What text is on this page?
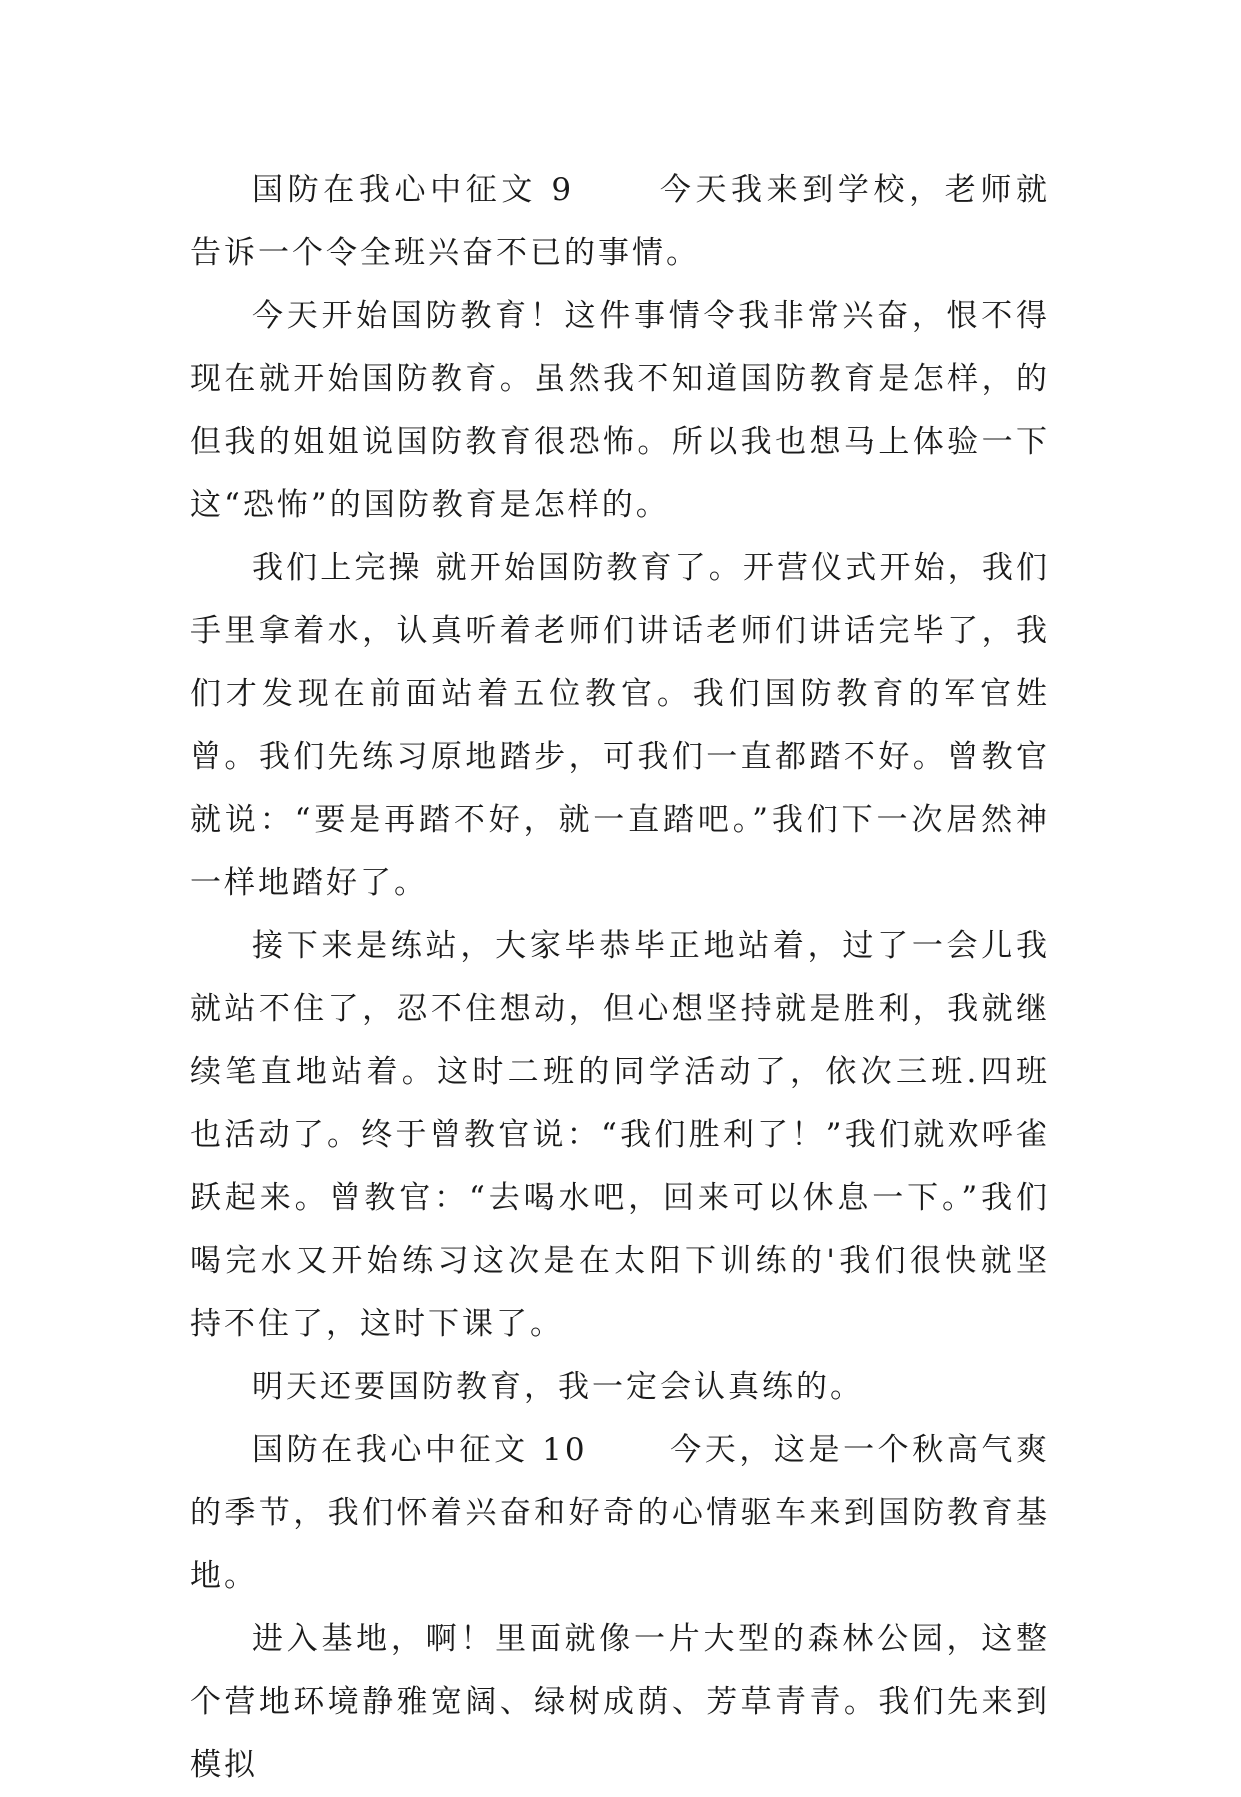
国防在我心中征文 9 　　今天我来到学校，老师就 告诉一个令全班兴奋不已的事情。

今天开始国防教育！这件事情令我非常兴奋，恨不得现在就开始国防教育。虽然我不知道国防教育是怎样，的但我的姐姐说国防教育很恐怖。所以我也想马上体验一下这“恐怖”的国防教育是怎样的。

我们上完操 就开始国防教育了。开营仪式开始，我们手里拿着水，认真听着老师们讲话老师们讲话完毕了，我们才发现在前面站着五位教官。我们国防教育的军官姓曾。我们先练习原地踏步，可我们一直都踏不好。曾教官就说：“要是再踏不好，就一直踏吧。”我们下一次居然神一样地踏好了。

接下来是练站，大家毕恭毕正地站着，过了一会儿我就站不住了，忍不住想动，但心想坚持就是胜利，我就继续笔直地站着。这时二班的同学活动了，依次三班.四班也活动了。终于曾教官说：“我们胜利了！”我们就欢呼雀跃起来。曾教官：“去喝水吧，回来可以休息一下。”我们喝完水又开始练习这次是在太阳下训练的'我们很快就坚持不住了，这时下课了。

明天还要国防教育，我一定会认真练的。

国防在我心中征文 10 　　今天，这是一个秋高气爽的季节，我们怀着兴奋和好奇的心情驱车来到国防教育基地。

进入基地，啊！里面就像一片大型的森林公园，这整个营地环境静雅宽阔、绿树成荫、芳草青青。我们先来到模拟
